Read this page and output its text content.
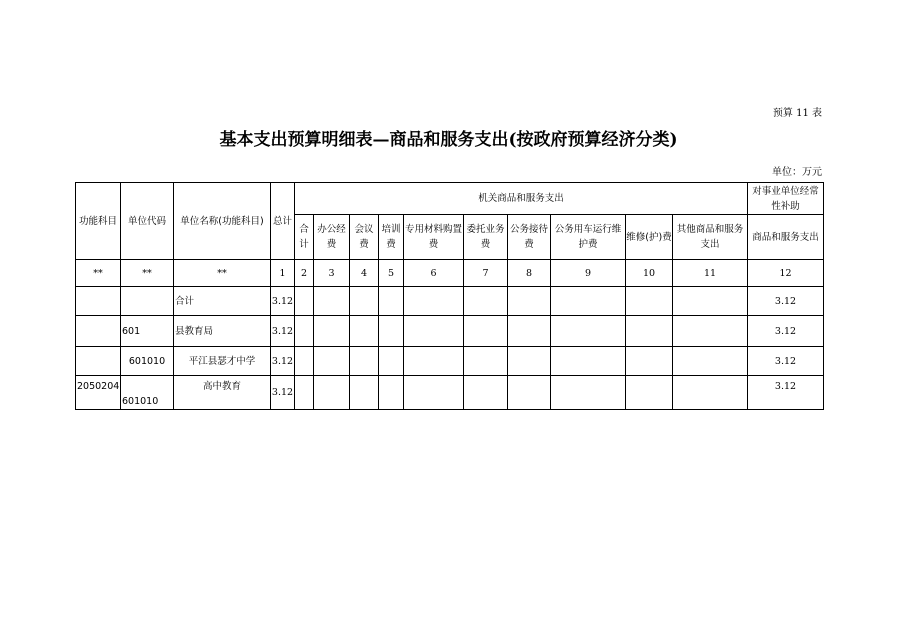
预算 11 表
基本支出预算明细表—商品和服务支出(按政府预算经济分类)
单位：万元
功能科目	单位代码	单位名称(功能科目)	总计	机关商品和服务支出										对事业单位经常性补助
				合计	办公经费	会议费	培训费	专用材料购置费	委托业务费	公务接待费	公务用车运行维护费	维修(护)费	其他商品和服务支出	商品和服务支出
**	**	**	1	2	3	4	5	6	7	8	9	10	11	12
		合计	3.12											3.12
	601	县教育局	3.12											3.12
	601010	平江县瑟才中学	3.12											3.12
2050204	601010	高中教育	3.12											3.12
